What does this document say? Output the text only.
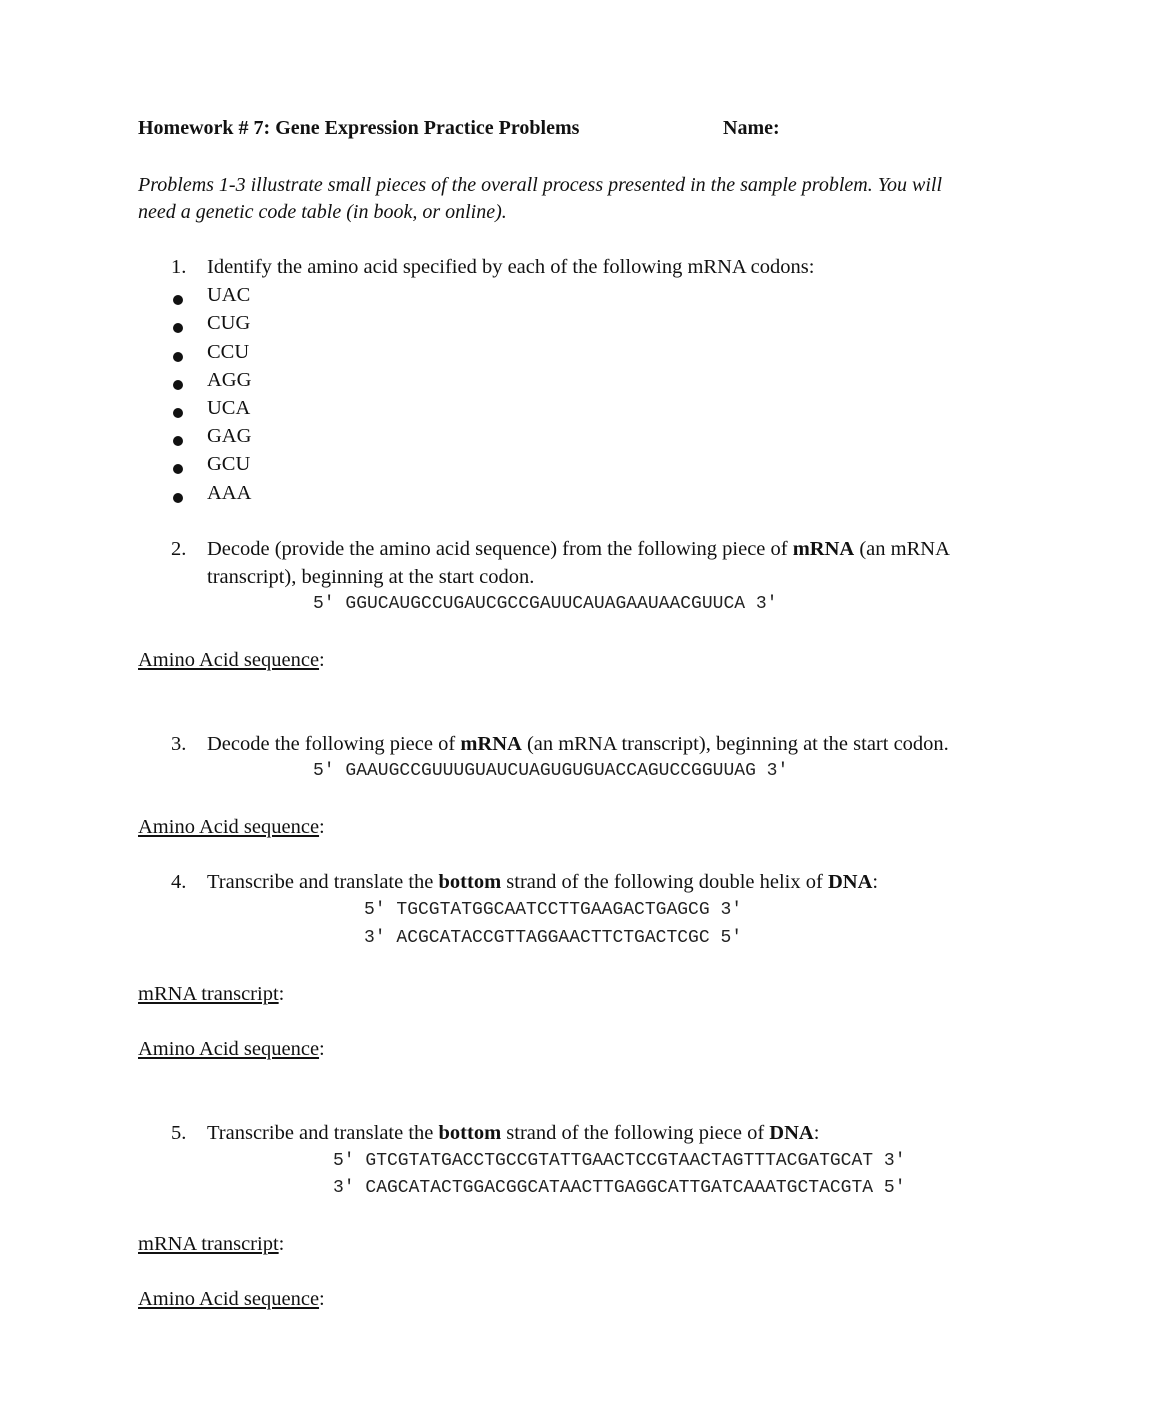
Homework # 7: Gene Expression Practice Problems	Name:
Problems 1-3 illustrate small pieces of the overall process presented in the sample problem. You will
need a genetic code table (in book, or online).
1. Identify the amino acid specified by each of the following mRNA codons:
UAC
CUG
CCU
AGG
UCA
GAG
GCU
AAA
2. Decode (provide the amino acid sequence) from the following piece of mRNA (an mRNA
transcript), beginning at the start codon.
5′ GGUCAUGCCUGAUCGCCGAUUCAUAGAAUAACGUUCA 3′
Amino Acid sequence:
3. Decode the following piece of mRNA (an mRNA transcript), beginning at the start codon.
5′ GAAUGCCGUUUGUAUCUAGUGUGUACCAGUCCGGUUAG 3′
Amino Acid sequence:
4. Transcribe and translate the bottom strand of the following double helix of DNA:
5′ TGCGTATGGCAATCCTTGAAGACTGAGCG 3′
3′ ACGCATACCGTTAGGAACTTCTGACTCGC 5′
mRNA transcript:
Amino Acid sequence:
5. Transcribe and translate the bottom strand of the following piece of DNA:
5′ GTCGTATGACCTGCCGTATTGAACTCCGTAACTAGTTTACGATGCAT 3'
3′ CAGCATACTGGACGGCATAACTTGAGGCATTGATCAAATGCTACGTA 5′
mRNA transcript:
Amino Acid sequence:
